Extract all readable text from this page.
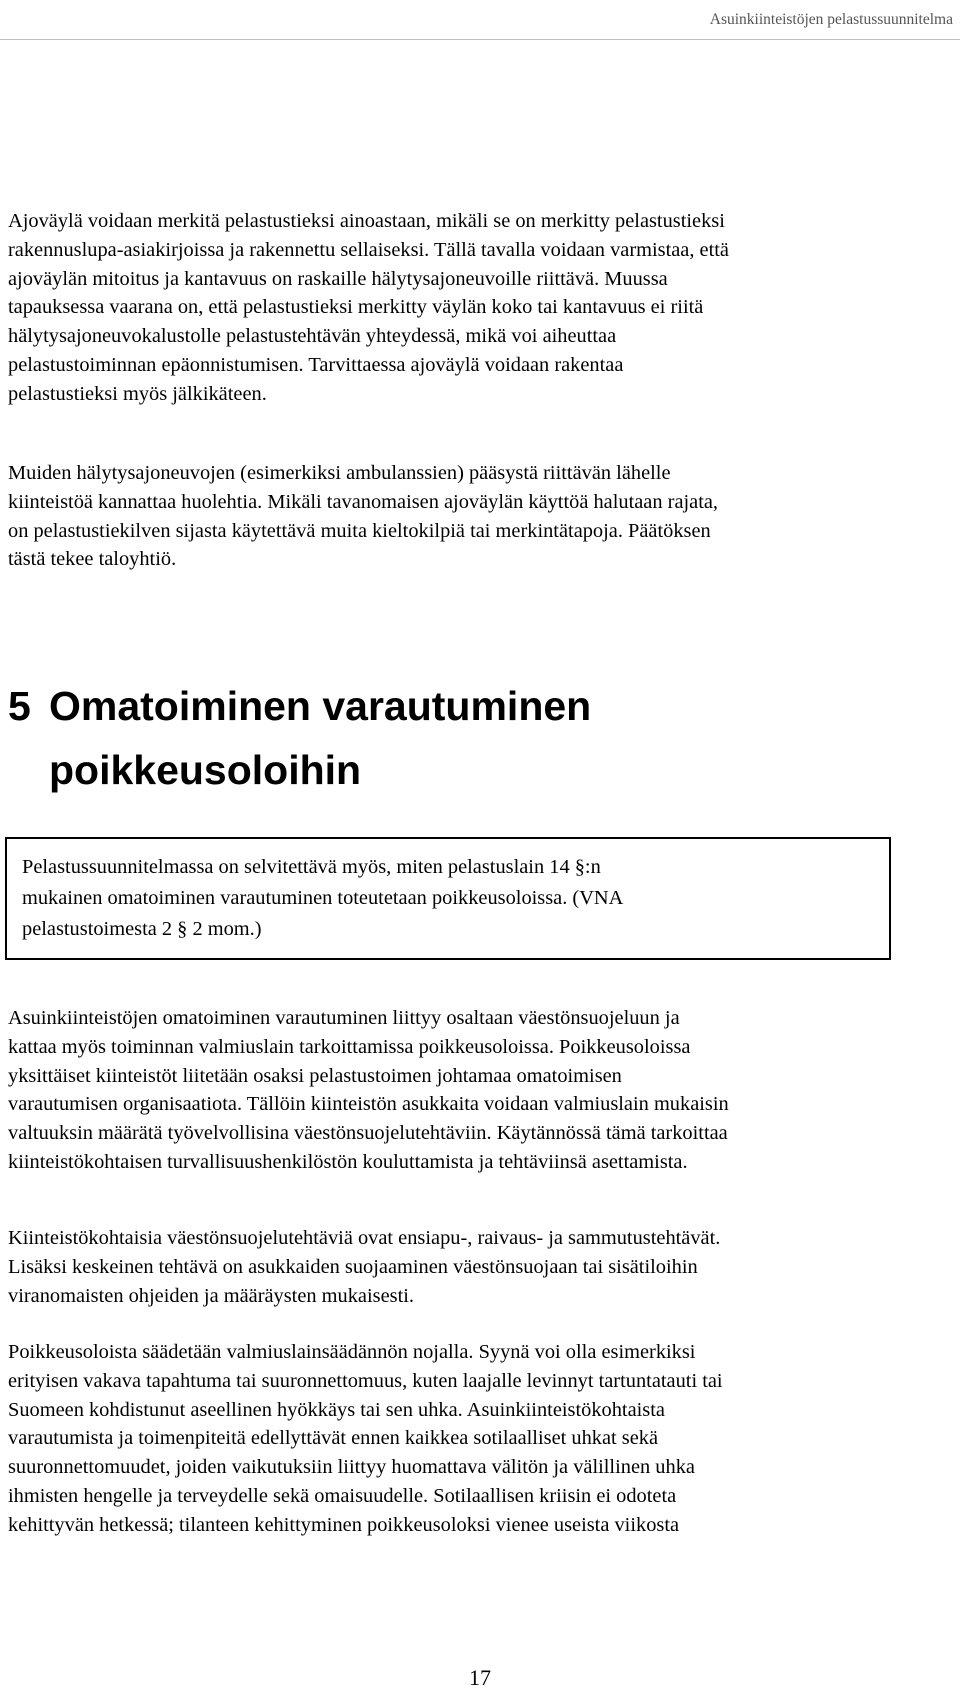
Asuinkiinteistöjen pelastussuunnitelma

Ajoväylä voidaan merkitä pelastustieksi ainoastaan, mikäli se on merkitty pelastustieksi
rakennuslupa-asiakirjoissa ja rakennettu sellaiseksi. Tällä tavalla voidaan varmistaa, että
ajoväylän mitoitus ja kantavuus on raskaille hälytysajoneuvoille riittävä. Muussa
tapauksessa vaarana on, että pelastustieksi merkitty väylän koko tai kantavuus ei riitä
hälytysajoneuvokalustolle pelastustehtävän yhteydessä, mikä voi aiheuttaa
pelastustoiminnan epäonnistumisen. Tarvittaessa ajoväylä voidaan rakentaa
pelastustieksi myös jälkikäteen.

Muiden hälytysajoneuvojen (esimerkiksi ambulanssien) pääsystä riittävän lähelle
kiinteistöä kannattaa huolehtia. Mikäli tavanomaisen ajoväylän käyttöä halutaan rajata,
on pelastustiekilven sijasta käytettävä muita kieltokilpiä tai merkintätapoja. Päätöksen
tästä tekee taloyhtiö.

5 Omatoiminen varautuminen
poikkeusoloihin

Pelastussuunnitelmassa on selvitettävä myös, miten pelastuslain 14 §:n
mukainen omatoiminen varautuminen toteutetaan poikkeusoloissa. (VNA
pelastustoimesta 2 § 2 mom.)

Asuinkiinteistöjen omatoiminen varautuminen liittyy osaltaan väestönsuojeluun ja
kattaa myös toiminnan valmiuslain tarkoittamissa poikkeusoloissa. Poikkeusoloissa
yksittäiset kiinteistöt liitetään osaksi pelastustoimen johtamaa omatoimisen
varautumisen organisaatiota. Tällöin kiinteistön asukkaita voidaan valmiuslain mukaisin
valtuuksin määrätä työvelvollisina väestönsuojelutehtäviin. Käytännössä tämä tarkoittaa
kiinteistökohtaisen turvallisuushenkilöstön kouluttamista ja tehtäviinsä asettamista.

Kiinteistökohtaisia väestönsuojelutehtäviä ovat ensiapu-, raivaus- ja sammutustehtävät.
Lisäksi keskeinen tehtävä on asukkaiden suojaaminen väestönsuojaan tai sisätiloihin
viranomaisten ohjeiden ja määräysten mukaisesti.

Poikkeusoloista säädetään valmiuslainsäädännön nojalla. Syynä voi olla esimerkiksi
erityisen vakava tapahtuma tai suuronnettomuus, kuten laajalle levinnyt tartuntatauti tai
Suomeen kohdistunut aseellinen hyökkäys tai sen uhka. Asuinkiinteistökohtaista
varautumista ja toimenpiteitä edellyttävät ennen kaikkea sotilaalliset uhkat sekä
suuronnettomuudet, joiden vaikutuksiin liittyy huomattava välitön ja välillinen uhka
ihmisten hengelle ja terveydelle sekä omaisuudelle. Sotilaallisen kriisin ei odoteta
kehittyvän hetkessä; tilanteen kehittyminen poikkeusoloksi vienee useista viikosta

17
